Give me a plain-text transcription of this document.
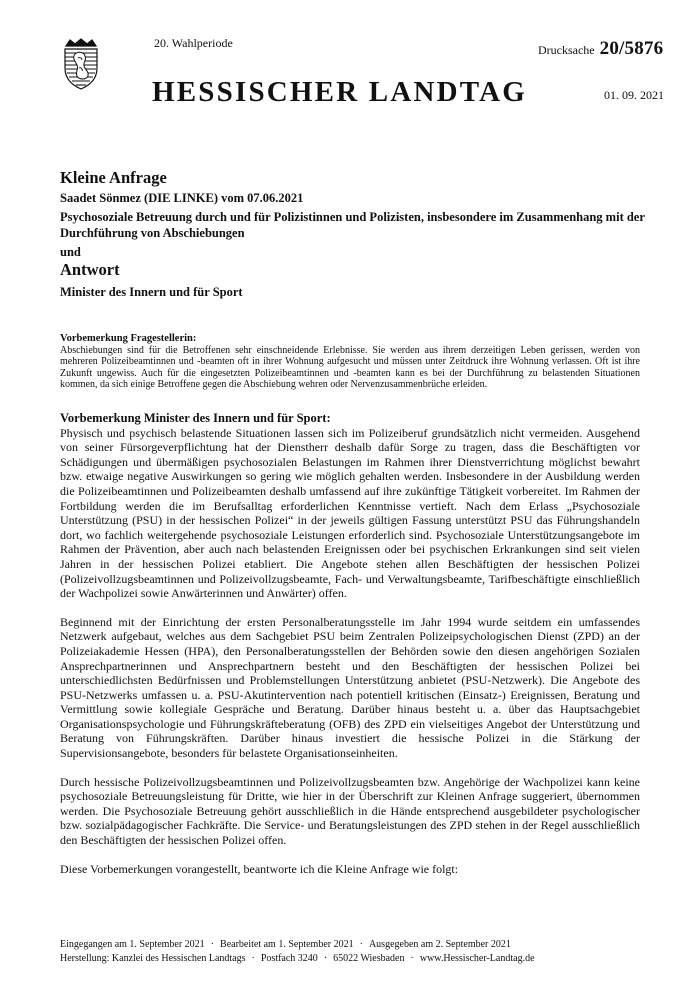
20. Wahlperiode
HESSISCHER LANDTAG
Drucksache 20/5876
01. 09. 2021
Kleine Anfrage
Saadet Sönmez (DIE LINKE) vom 07.06.2021
Psychosoziale Betreuung durch und für Polizistinnen und Polizisten, insbesondere im Zusammenhang mit der Durchführung von Abschiebungen
und
Antwort
Minister des Innern und für Sport
Vorbemerkung Fragestellerin:

Abschiebungen sind für die Betroffenen sehr einschneidende Erlebnisse. Sie werden aus ihrem derzeitigen Leben gerissen, werden von mehreren Polizeibeamtinnen und -beamten oft in ihrer Wohnung aufgesucht und müssen unter Zeitdruck ihre Wohnung verlassen. Oft ist ihre Zukunft ungewiss. Auch für die eingesetzten Polizeibeamtinnen und -beamten kann es bei der Durchführung zu belastenden Situationen kommen, da sich einige Betroffene gegen die Abschiebung wehren oder Nervenzusammenbrüche erleiden.

Vorbemerkung Minister des Innern und für Sport:

Physisch und psychisch belastende Situationen lassen sich im Polizeiberuf grundsätzlich nicht vermeiden. Ausgehend von seiner Fürsorgeverpflichtung hat der Dienstherr deshalb dafür Sorge zu tragen, dass die Beschäftigten vor Schädigungen und übermäßigen psychosozialen Belastungen im Rahmen ihrer Dienstverrichtung möglichst bewahrt bzw. etwaige negative Auswirkungen so gering wie möglich gehalten werden. Insbesondere in der Ausbildung werden die Polizeibeamtinnen und Polizeibeamten deshalb umfassend auf ihre zukünftige Tätigkeit vorbereitet. Im Rahmen der Fortbildung werden die im Berufsalltag erforderlichen Kenntnisse vertieft. Nach dem Erlass „Psychosoziale Unterstützung (PSU) in der hessischen Polizei“ in der jeweils gültigen Fassung unterstützt PSU das Führungshandeln dort, wo fachlich weitergehende psychosoziale Leistungen erforderlich sind. Psychosoziale Unterstützungsangebote im Rahmen der Prävention, aber auch nach belastenden Ereignissen oder bei psychischen Erkrankungen sind seit vielen Jahren in der hessischen Polizei etabliert. Die Angebote stehen allen Beschäftigten der hessischen Polizei (Polizeivollzugsbeamtinnen und Polizeivollzugsbeamte, Fach- und Verwaltungsbeamte, Tarifbeschäftigte einschließlich der Wachpolizei sowie Anwärterinnen und Anwärter) offen.

Beginnend mit der Einrichtung der ersten Personalberatungsstelle im Jahr 1994 wurde seitdem ein umfassendes Netzwerk aufgebaut, welches aus dem Sachgebiet PSU beim Zentralen Polizeipsychologischen Dienst (ZPD) an der Polizeiakademie Hessen (HPA), den Personalberatungsstellen der Behörden sowie den diesen angehörigen Sozialen Ansprechpartnerinnen und Ansprechpartnern besteht und den Beschäftigten der hessischen Polizei bei unterschiedlichsten Bedürfnissen und Problemstellungen Unterstützung anbietet (PSU-Netzwerk). Die Angebote des PSU-Netzwerks umfassen u. a. PSU-Akutintervention nach potentiell kritischen (Einsatz-) Ereignissen, Beratung und Vermittlung sowie kollegiale Gespräche und Beratung. Darüber hinaus besteht u. a. über das Hauptsachgebiet Organisationspsychologie und Führungskräfteberatung (OFB) des ZPD ein vielseitiges Angebot der Unterstützung und Beratung von Führungskräften. Darüber hinaus investiert die hessische Polizei in die Stärkung der Supervisionsangebote, besonders für belastete Organisationseinheiten.

Durch hessische Polizeivollzugsbeamtinnen und Polizeivollzugsbeamten bzw. Angehörige der Wachpolizei kann keine psychosoziale Betreuungsleistung für Dritte, wie hier in der Überschrift zur Kleinen Anfrage suggeriert, übernommen werden. Die Psychosoziale Betreuung gehört ausschließlich in die Hände entsprechend ausgebildeter psychologischer bzw. sozialpädagogischer Fachkräfte. Die Service- und Beratungsleistungen des ZPD stehen in der Regel ausschließlich den Beschäftigten der hessischen Polizei offen.

Diese Vorbemerkungen vorangestellt, beantworte ich die Kleine Anfrage wie folgt:

Eingegangen am 1. September 2021 · Bearbeitet am 1. September 2021 · Ausgegeben am 2. September 2021
Herstellung: Kanzlei des Hessischen Landtags · Postfach 3240 · 65022 Wiesbaden · www.Hessischer-Landtag.de
